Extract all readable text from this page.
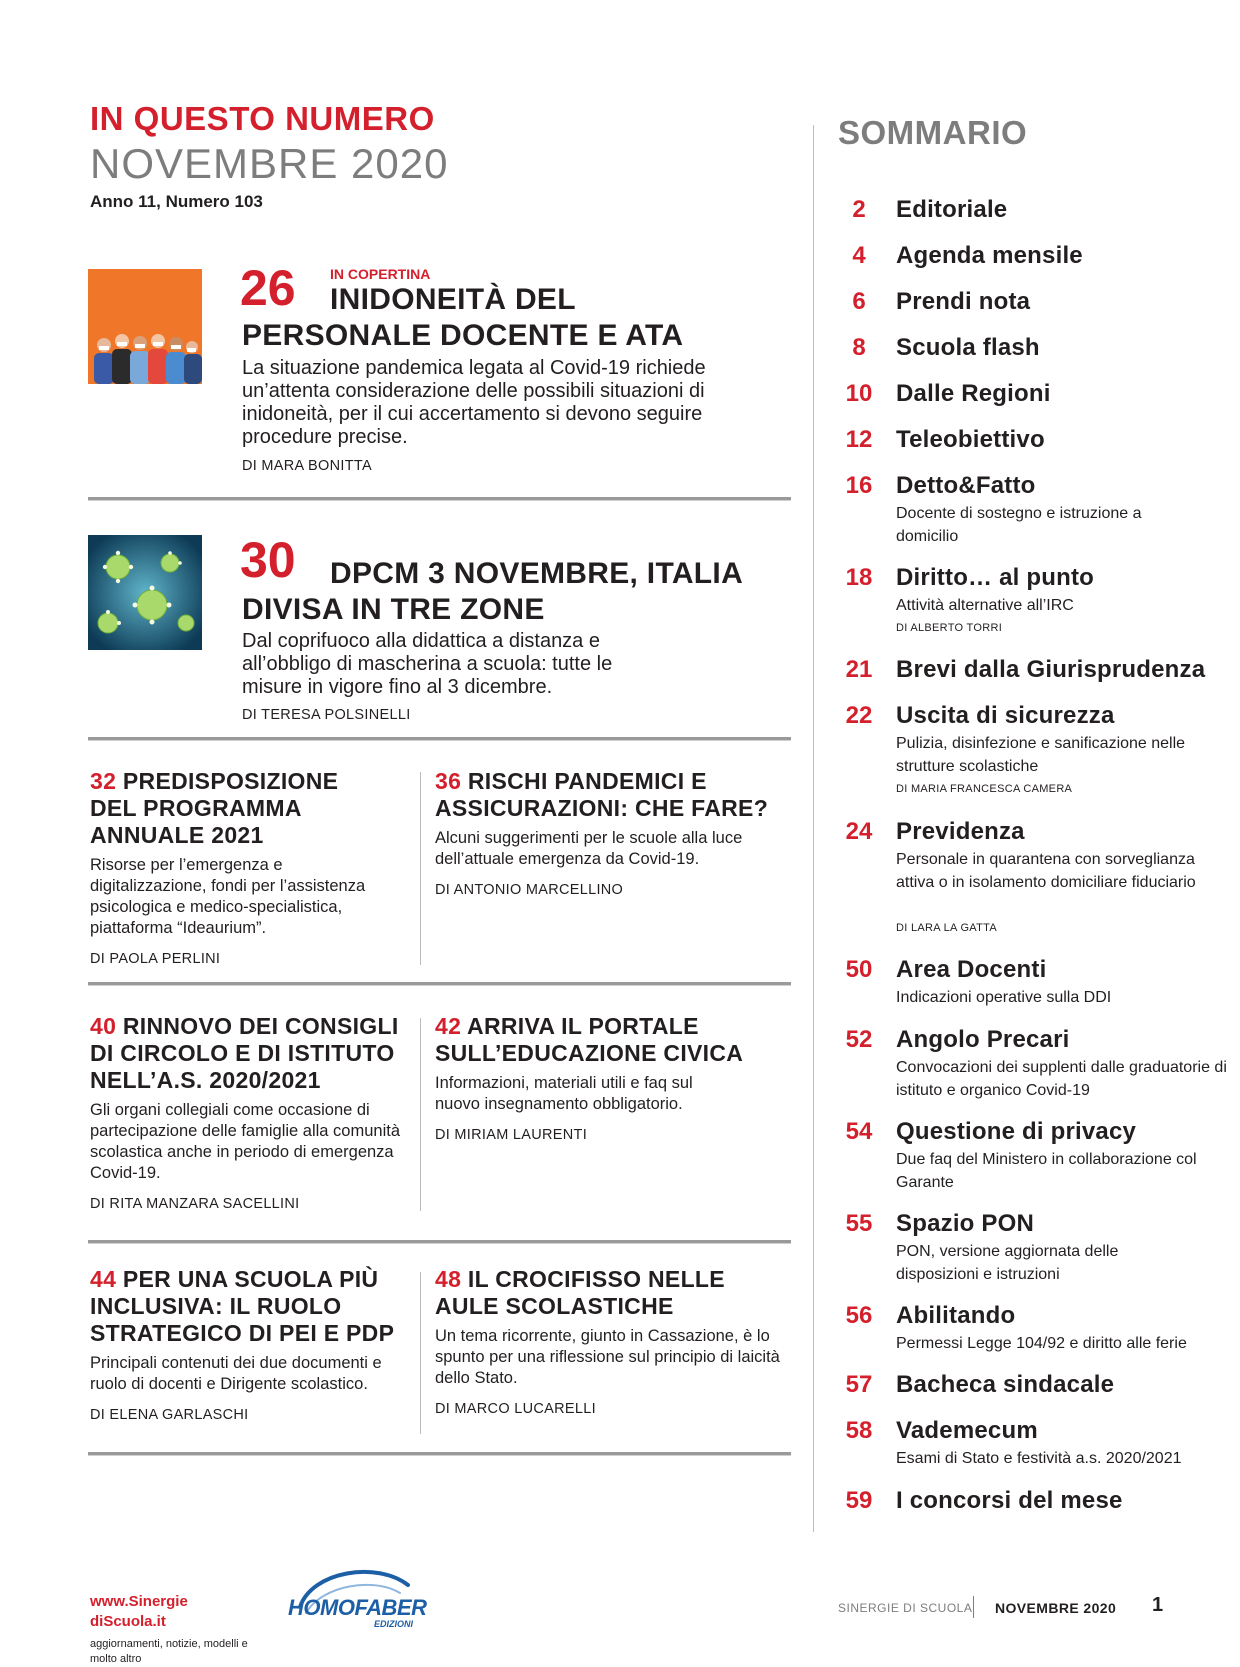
IN QUESTO NUMERO
NOVEMBRE 2020
Anno 11, Numero 103
26 IN COPERTINA
INIDONEITÀ DEL
PERSONALE DOCENTE E ATA
La situazione pandemica legata al Covid-19 richiede un’attenta considerazione delle possibili situazioni di inidoneità, per il cui accertamento si devono seguire procedure precise.
DI MARA BONITTA
30 DPCM 3 NOVEMBRE, ITALIA
DIVISA IN TRE ZONE
Dal coprifuoco alla didattica a distanza e all’obbligo di mascherina a scuola: tutte le misure in vigore fino al 3 dicembre.
DI TERESA POLSINELLI
32 PREDISPOSIZIONE
DEL PROGRAMMA
ANNUALE 2021
Risorse per l’emergenza e digitalizzazione, fondi per l’assistenza psicologica e medico-specialistica, piattaforma “Ideaurium”.
DI PAOLA PERLINI
36 RISCHI PANDEMICI E
ASSICURAZIONI: CHE FARE?
Alcuni suggerimenti per le scuole alla luce dell’attuale emergenza da Covid-19.
DI ANTONIO MARCELLINO
40 RINNOVO DEI CONSIGLI
DI CIRCOLO E DI ISTITUTO
NELL’A.S. 2020/2021
Gli organi collegiali come occasione di partecipazione delle famiglie alla comunità scolastica anche in periodo di emergenza Covid-19.
DI RITA MANZARA SACELLINI
42 ARRIVA IL PORTALE
SULL’EDUCAZIONE CIVICA
Informazioni, materiali utili e faq sul nuovo insegnamento obbligatorio.
DI MIRIAM LAURENTI
44 PER UNA SCUOLA PIÙ
INCLUSIVA: IL RUOLO
STRATEGICO DI PEI E PDP
Principali contenuti dei due documenti e ruolo di docenti e Dirigente scolastico.
DI ELENA GARLASCHI
48 IL CROCIFISSO NELLE
AULE SCOLASTICHE
Un tema ricorrente, giunto in Cassazione, è lo spunto per una riflessione sul principio di laicità dello Stato.
DI MARCO LUCARELLI
SOMMARIO
2	Editoriale
4	Agenda mensile
6	Prendi nota
8	Scuola flash
10 Dalle Regioni
12 Teleobiettivo
16 Detto&Fatto
Docente di sostegno e istruzione a domicilio
18 Diritto… al punto
Attività alternative all’IRC
DI ALBERTO TORRI
21 Brevi dalla Giurisprudenza
22 Uscita di sicurezza
Pulizia, disinfezione e sanificazione nelle strutture scolastiche
DI MARIA FRANCESCA CAMERA
24 Previdenza
Personale in quarantena con sorveglianza attiva o in isolamento domiciliare fiduciario
DI LARA LA GATTA
50 Area Docenti
Indicazioni operative sulla DDI
52 Angolo Precari
Convocazioni dei supplenti dalle graduatorie di istituto e organico Covid-19
54 Questione di privacy
Due faq del Ministero in collaborazione col Garante
55 Spazio PON
PON, versione aggiornata delle disposizioni e istruzioni
56 Abilitando
Permessi Legge 104/92 e diritto alle ferie
57 Bacheca sindacale
58 Vademecum
Esami di Stato e festività a.s. 2020/2021
59 I concorsi del mese
www.Sinergie
diScuola.it
aggiornamenti, notizie, modelli e molto altro
HOMOFABER
EDIZIONI
SINERGIE DI SCUOLA NOVEMBRE 2020 1
